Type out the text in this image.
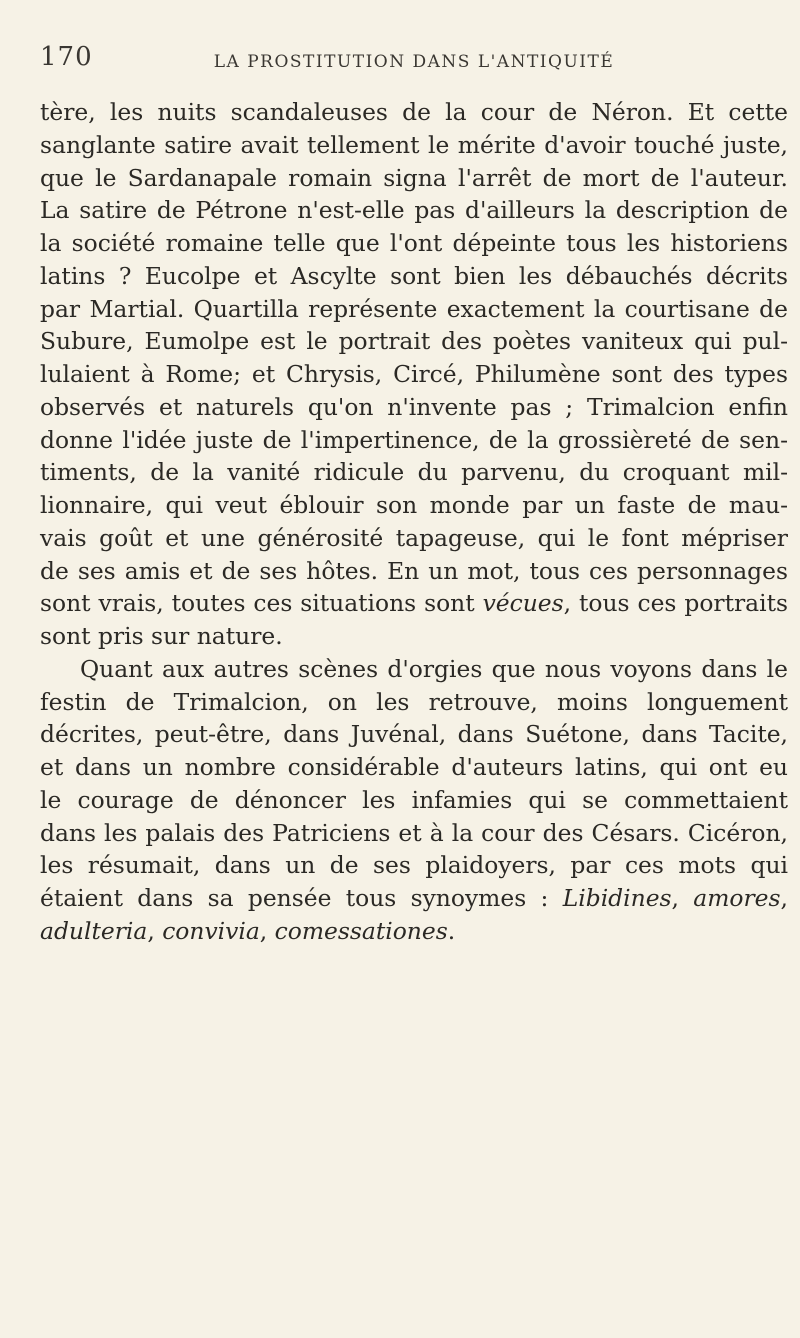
170	LA PROSTITUTION DANS L'ANTIQUITÉ
tère, les nuits scandaleuses de la cour de Néron. Et cette
sanglante satire avait tellement le mérite d'avoir touché juste,
que le Sardanapale romain signa l'arrêt de mort de l'auteur.
La satire de Pétrone n'est-elle pas d'ailleurs la description de
la société romaine telle que l'ont dépeinte tous les historiens
latins ? Eucolpe et Ascylte sont bien les débauchés décrits
par Martial. Quartilla représente exactement la courtisane de
Subure, Eumolpe est le portrait des poètes vaniteux qui pul-
lulaient à Rome; et Chrysis, Circé, Philumène sont des types
observés et naturels qu'on n'invente pas ; Trimalcion enfin
donne l'idée juste de l'impertinence, de la grossièreté de sen-
timents, de la vanité ridicule du parvenu, du croquant mil-
lionnaire, qui veut éblouir son monde par un faste de mau-
vais goût et une générosité tapageuse, qui le font mépriser
de ses amis et de ses hôtes. En un mot, tous ces personnages
sont vrais, toutes ces situations sont vécues, tous ces portraits
sont pris sur nature.
Quant aux autres scènes d'orgies que nous voyons dans le
festin de Trimalcion, on les retrouve, moins longuement
décrites, peut-être, dans Juvénal, dans Suétone, dans Tacite,
et dans un nombre considérable d'auteurs latins, qui ont eu
le courage de dénoncer les infamies qui se commettaient
dans les palais des Patriciens et à la cour des Césars. Cicéron,
les résumait, dans un de ses plaidoyers, par ces mots qui
étaient dans sa pensée tous synoymes : Libidines, amores,
adulteria, convivia, comessationes.
